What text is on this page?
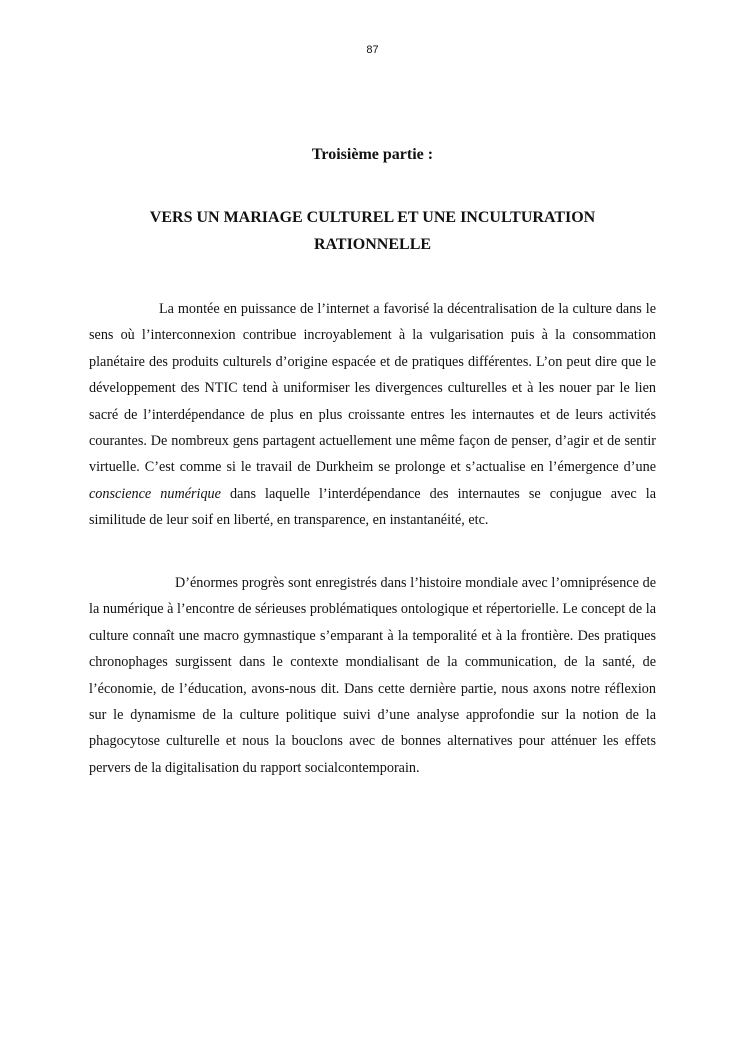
87
Troisième partie :
VERS UN MARIAGE CULTUREL ET UNE INCULTURATION RATIONNELLE

La montée en puissance de l’internet a favorisé la décentralisation de la culture dans le sens où l’interconnexion contribue incroyablement à la vulgarisation puis à la consommation planétaire des produits culturels d’origine espacée et de pratiques différentes. L’on peut dire que le développement des NTIC tend à uniformiser les divergences culturelles et à les nouer par le lien sacré de l’interdépendance de plus en plus croissante entres les internautes et de leurs activités courantes. De nombreux gens partagent actuellement une même façon de penser, d’agir et de sentir virtuelle. C’est comme si le travail de Durkheim se prolonge et s’actualise en l’émergence d’une conscience numérique dans laquelle l’interdépendance des internautes se conjugue avec la similitude de leur soif en liberté, en transparence, en instantanéité, etc.

D’énormes progrès sont enregistrés dans l’histoire mondiale avec l’omniprésence de la numérique à l’encontre de sérieuses problématiques ontologique et répertorielle. Le concept de la culture connaît une macro gymnastique s’emparant à la temporalité et à la frontière. Des pratiques chronophages surgissent dans le contexte mondialisant de la communication, de la santé, de l’économie, de l’éducation, avons-nous dit. Dans cette dernière partie, nous axons notre réflexion sur le dynamisme de la culture politique suivi d’une analyse approfondie sur la notion de la phagocytose culturelle et nous la bouclons avec de bonnes alternatives pour atténuer les effets pervers de la digitalisation du rapport socialcontemporain.
